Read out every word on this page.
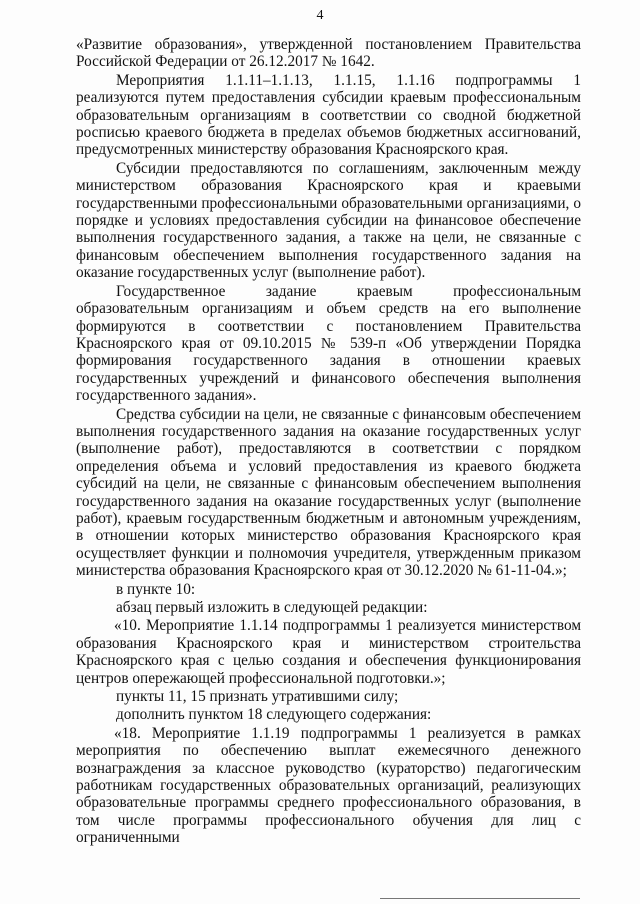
4

«Развитие образования», утвержденной постановлением Правительства Российской Федерации от 26.12.2017 № 1642.

Мероприятия 1.1.11–1.1.13, 1.1.15, 1.1.16 подпрограммы 1 реализуются путем предоставления субсидии краевым профессиональным образовательным организациям в соответствии со сводной бюджетной росписью краевого бюджета в пределах объемов бюджетных ассигнований, предусмотренных министерству образования Красноярского края.

Субсидии предоставляются по соглашениям, заключенным между министерством образования Красноярского края и краевыми государственными профессиональными образовательными организациями, о порядке и условиях предоставления субсидии на финансовое обеспечение выполнения государственного задания, а также на цели, не связанные с финансовым обеспечением выполнения государственного задания на оказание государственных услуг (выполнение работ).

Государственное задание краевым профессиональным образовательным организациям и объем средств на его выполнение формируются в соответствии с постановлением Правительства Красноярского края от 09.10.2015 № 539-п «Об утверждении Порядка формирования государственного задания в отношении краевых государственных учреждений и финансового обеспечения выполнения государственного задания».

Средства субсидии на цели, не связанные с финансовым обеспечением выполнения государственного задания на оказание государственных услуг (выполнение работ), предоставляются в соответствии с порядком определения объема и условий предоставления из краевого бюджета субсидий на цели, не связанные с финансовым обеспечением выполнения государственного задания на оказание государственных услуг (выполнение работ), краевым государственным бюджетным и автономным учреждениям, в отношении которых министерство образования Красноярского края осуществляет функции и полномочия учредителя, утвержденным приказом министерства образования Красноярского края от 30.12.2020 № 61-11-04.»;

в пункте 10:

абзац первый изложить в следующей редакции:

«10. Мероприятие 1.1.14 подпрограммы 1 реализуется министерством образования Красноярского края и министерством строительства Красноярского края с целью создания и обеспечения функционирования центров опережающей профессиональной подготовки.»;

пункты 11, 15 признать утратившими силу;

дополнить пунктом 18 следующего содержания:

«18. Мероприятие 1.1.19 подпрограммы 1 реализуется в рамках мероприятия по обеспечению выплат ежемесячного денежного вознаграждения за классное руководство (кураторство) педагогическим работникам государственных образовательных организаций, реализующих образовательные программы среднего профессионального образования, в том числе программы профессионального обучения для лиц с ограниченными
